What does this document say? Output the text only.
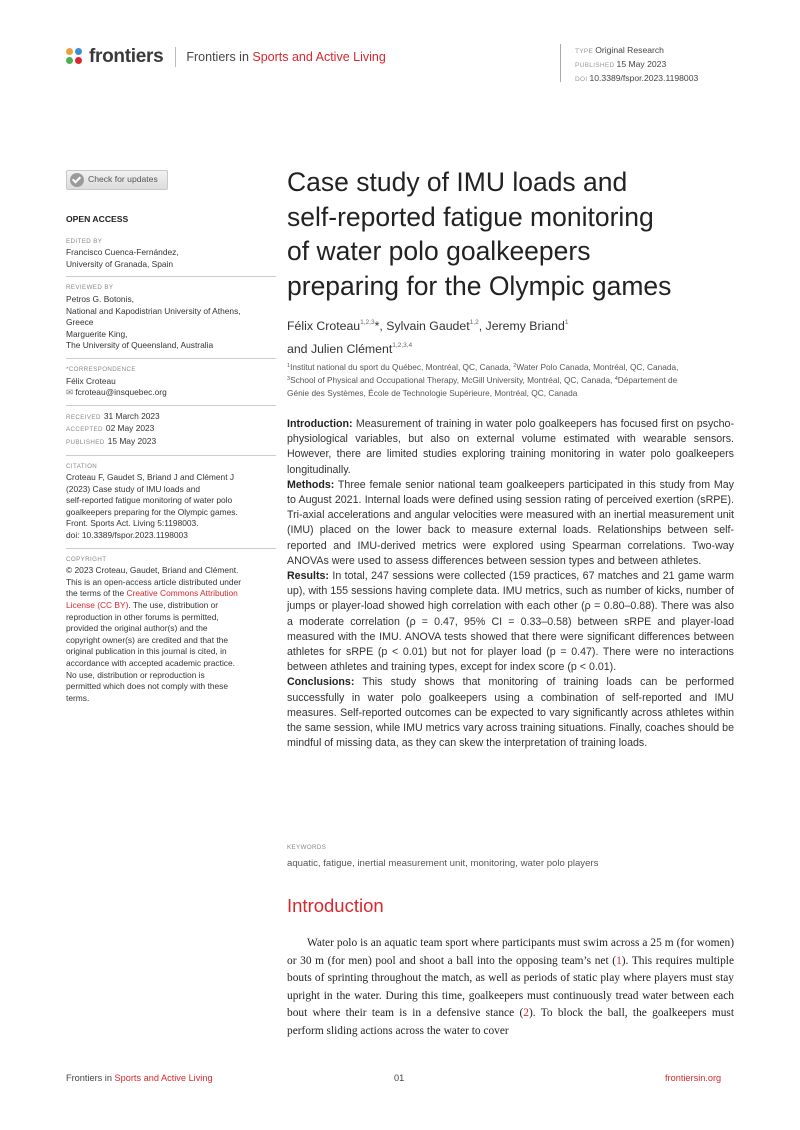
frontiers Frontiers in Sports and Active Living	TYPE Original Research
PUBLISHED 15 May 2023
DOI 10.3389/fspor.2023.1198003
Check for updates
OPEN ACCESS
EDITED BY
Francisco Cuenca-Fernández,
University of Granada, Spain
REVIEWED BY
Petros G. Botonis,
National and Kapodistrian University of Athens,
Greece
Marguerite King,
The University of Queensland, Australia
*CORRESPONDENCE
Félix Croteau
✉ fcroteau@insquebec.org
RECEIVED 31 March 2023
ACCEPTED 02 May 2023
PUBLISHED 15 May 2023
CITATION
Croteau F, Gaudet S, Briand J and Clément J
(2023) Case study of IMU loads and
self-reported fatigue monitoring of water polo
goalkeepers preparing for the Olympic games.
Front. Sports Act. Living 5:1198003.
doi: 10.3389/fspor.2023.1198003
COPYRIGHT
© 2023 Croteau, Gaudet, Briand and Clément.
This is an open-access article distributed under
the terms of the Creative Commons Attribution
License (CC BY). The use, distribution or
reproduction in other forums is permitted,
provided the original author(s) and the
copyright owner(s) are credited and that the
original publication in this journal is cited, in
accordance with accepted academic practice.
No use, distribution or reproduction is
permitted which does not comply with these
terms.
Case study of IMU loads and
self-reported fatigue monitoring
of water polo goalkeepers
preparing for the Olympic games
Félix Croteau$^{1,2,3}$*, Sylvain Gaudet$^{1,2}$, Jeremy Briand$^1$
and Julien Clément$^{1,2,3,4}$
$^1$Institut national du sport du Québec, Montréal, QC, Canada, $^2$Water Polo Canada, Montréal, QC, Canada,
$^3$School of Physical and Occupational Therapy, McGill University, Montréal, QC, Canada, $^4$Département de
Génie des Systèmes, École de Technologie Supérieure, Montréal, QC, Canada

Introduction: Measurement of training in water polo goalkeepers has focused first on psycho-physiological variables, but also on external volume estimated with wearable sensors. However, there are limited studies exploring training monitoring in water polo goalkeepers longitudinally.

Methods: Three female senior national team goalkeepers participated in this study from May to August 2021. Internal loads were defined using session rating of perceived exertion (sRPE). Tri-axial accelerations and angular velocities were measured with an inertial measurement unit (IMU) placed on the lower back to measure external loads. Relationships between self-reported and IMU-derived metrics were explored using Spearman correlations. Two-way ANOVAs were used to assess differences between session types and between athletes.

Results: In total, 247 sessions were collected (159 practices, 67 matches and 21 game warm up), with 155 sessions having complete data. IMU metrics, such as number of kicks, number of jumps or player-load showed high correlation with each other (ρ = 0.80–0.88). There was also a moderate correlation (ρ = 0.47, 95% CI = 0.33–0.58) between sRPE and player-load measured with the IMU. ANOVA tests showed that there were significant differences between athletes for sRPE (p < 0.01) but not for player load (p = 0.47). There were no interactions between athletes and training types, except for index score (p < 0.01).

Conclusions: This study shows that monitoring of training loads can be performed successfully in water polo goalkeepers using a combination of self-reported and IMU measures. Self-reported outcomes can be expected to vary significantly across athletes within the same session, while IMU metrics vary across training situations. Finally, coaches should be mindful of missing data, as they can skew the interpretation of training loads.

KEYWORDS
aquatic, fatigue, inertial measurement unit, monitoring, water polo players
Introduction

Water polo is an aquatic team sport where participants must swim across a 25 m (for women) or 30 m (for men) pool and shoot a ball into the opposing team’s net (1). This requires multiple bouts of sprinting throughout the match, as well as periods of static play where players must stay upright in the water. During this time, goalkeepers must continuously tread water between each bout where their team is in a defensive stance (2). To block the ball, the goalkeepers must perform sliding actions across the water to cover

Frontiers in Sports and Active Living	01	frontiersin.org
